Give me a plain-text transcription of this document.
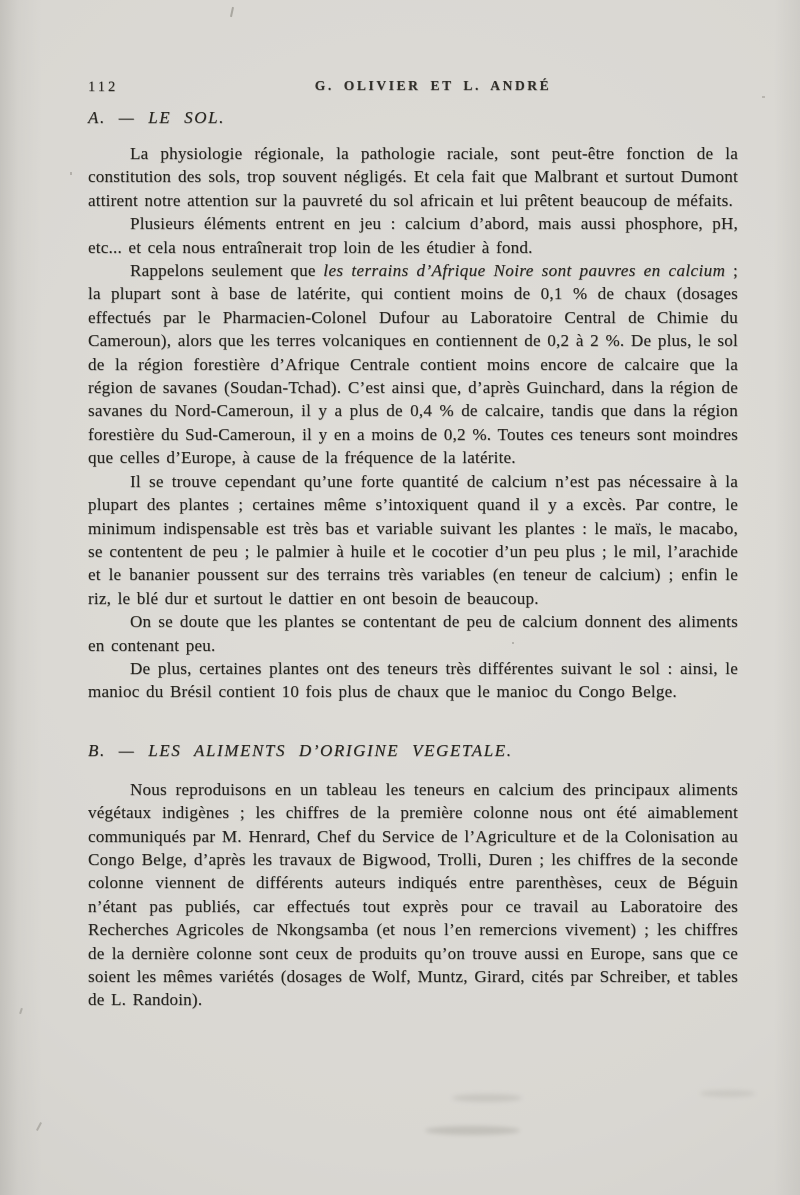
112	G. OLIVIER ET L. ANDRÉ
A. — LE SOL.

La physiologie régionale, la pathologie raciale, sont peut-être fonction de la constitution des sols, trop souvent négligés. Et cela fait que Malbrant et surtout Dumont attirent notre attention sur la pauvreté du sol africain et lui prêtent beaucoup de méfaits.

Plusieurs éléments entrent en jeu : calcium d’abord, mais aussi phosphore, pH, etc... et cela nous entraînerait trop loin de les étudier à fond.

Rappelons seulement que les terrains d’Afrique Noire sont pauvres en calcium ; la plupart sont à base de latérite, qui contient moins de 0,1 % de chaux (dosages effectués par le Pharmacien-Colonel Dufour au Laboratoire Central de Chimie du Cameroun), alors que les terres volcaniques en contiennent de 0,2 à 2 %. De plus, le sol de la région forestière d’Afrique Centrale contient moins encore de calcaire que la région de savanes (Soudan-Tchad). C’est ainsi que, d’après Guinchard, dans la région de savanes du Nord-Cameroun, il y a plus de 0,4 % de calcaire, tandis que dans la région forestière du Sud-Cameroun, il y en a moins de 0,2 %. Toutes ces teneurs sont moindres que celles d’Europe, à cause de la fréquence de la latérite.

Il se trouve cependant qu’une forte quantité de calcium n’est pas nécessaire à la plupart des plantes ; certaines même s’intoxiquent quand il y a excès. Par contre, le minimum indispensable est très bas et variable suivant les plantes : le maïs, le macabo, se contentent de peu ; le palmier à huile et le cocotier d’un peu plus ; le mil, l’arachide et le bananier poussent sur des terrains très variables (en teneur de calcium) ; enfin le riz, le blé dur et surtout le dattier en ont besoin de beaucoup.

On se doute que les plantes se contentant de peu de calcium donnent des aliments en contenant peu.

De plus, certaines plantes ont des teneurs très différentes suivant le sol : ainsi, le manioc du Brésil contient 10 fois plus de chaux que le manioc du Congo Belge.

B. — LES ALIMENTS D’ORIGINE VEGETALE.

Nous reproduisons en un tableau les teneurs en calcium des principaux aliments végétaux indigènes ; les chiffres de la première colonne nous ont été aimablement communiqués par M. Henrard, Chef du Service de l’Agriculture et de la Colonisation au Congo Belge, d’après les travaux de Bigwood, Trolli, Duren ; les chiffres de la seconde colonne viennent de différents auteurs indiqués entre parenthèses, ceux de Béguin n’étant pas publiés, car effectués tout exprès pour ce travail au Laboratoire des Recherches Agricoles de Nkongsamba (et nous l’en remercions vivement) ; les chiffres de la dernière colonne sont ceux de produits qu’on trouve aussi en Europe, sans que ce soient les mêmes variétés (dosages de Wolf, Muntz, Girard, cités par Schreiber, et tables de L. Randoin).
